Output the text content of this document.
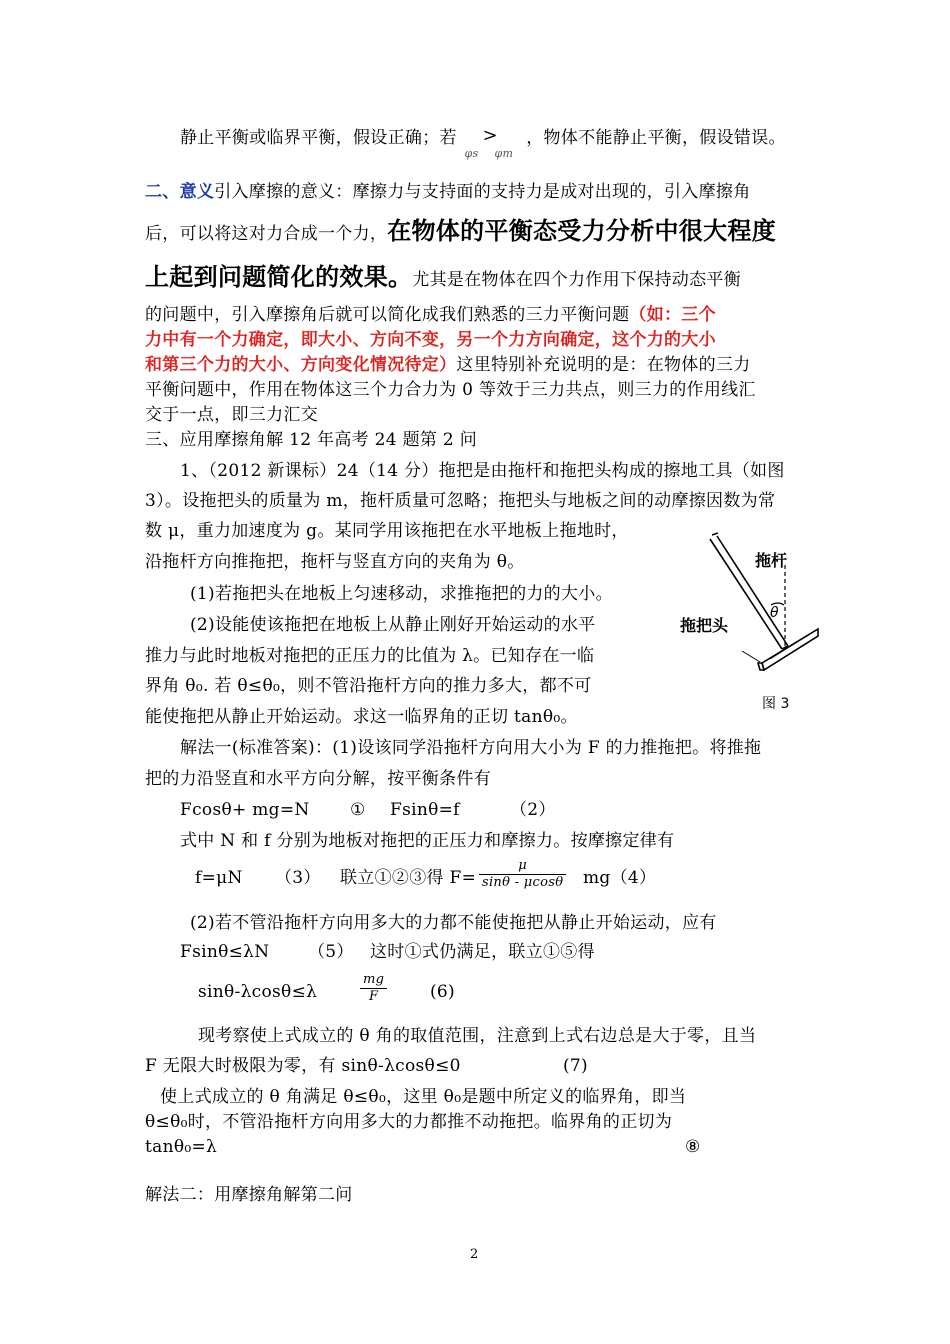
静止平衡或临界平衡，假设正确；若
φs
>
φm
，物体不能静止平衡，假设错误。
二、意义引入摩擦的意义：摩擦力与支持面的支持力是成对出现的，引入摩擦角
后，可以将这对力合成一个力，在物体的平衡态受力分析中很大程度
上起到问题简化的效果。尤其是在物体在四个力作用下保持动态平衡
的问题中，引入摩擦角后就可以简化成我们熟悉的三力平衡问题（如：三个
力中有一个力确定，即大小、方向不变，另一个力方向确定，这个力的大小
和第三个力的大小、方向变化情况待定）这里特别补充说明的是：在物体的三力
平衡问题中，作用在物体这三个力合力为 0 等效于三力共点，则三力的作用线汇
交于一点，即三力汇交
三、应用摩擦角解 12 年高考 24 题第 2 问
1、（2012 新课标）24（14 分）拖把是由拖杆和拖把头构成的擦地工具（如图
3）。设拖把头的质量为 m，拖杆质量可忽略；拖把头与地板之间的动摩擦因数为常
数 μ，重力加速度为 g。某同学用该拖把在水平地板上拖地时，
沿拖杆方向推拖把，拖杆与竖直方向的夹角为 θ。
(1)若拖把头在地板上匀速移动，求推拖把的力的大小。
(2)设能使该拖把在地板上从静止刚好开始运动的水平
推力与此时地板对拖把的正压力的比值为 λ。已知存在一临
界角 θ₀. 若 θ≤θ₀，则不管沿拖杆方向的推力多大，都不可
能使拖把从静止开始运动。求这一临界角的正切 tanθ₀。
拖杆
θ
拖把头
图 3
解法一(标准答案)：(1)设该同学沿拖杆方向用大小为 F 的力推拖把。将推拖
把的力沿竖直和水平方向分解，按平衡条件有
Fcosθ+ mg=N ① Fsinθ=f	（2）
式中 N 和 f 分别为地板对拖把的正压力和摩擦力。按摩擦定律有
f=μN （3） 联立①②③得 $F= \frac{\mu}{\sin\theta - \mu\cos\theta} mg(4)$
(2)若不管沿拖杆方向用多大的力都不能使拖把从静止开始运动，应有
Fsinθ≤λN （5） 这时①式仍满足，联立①⑤得
sinθ-λcosθ≤λ	$\frac{mg}{F}$	(6)
现考察使上式成立的 θ 角的取值范围，注意到上式右边总是大于零，且当
F 无限大时极限为零，有 sinθ-λcosθ≤0	(7)
使上式成立的 θ 角满足 θ≤θ₀，这里 θ₀是题中所定义的临界角，即当
θ≤θ₀时，不管沿拖杆方向用多大的力都推不动拖把。临界角的正切为
tanθ₀=λ	⑧
解法二：用摩擦角解第二问
2
